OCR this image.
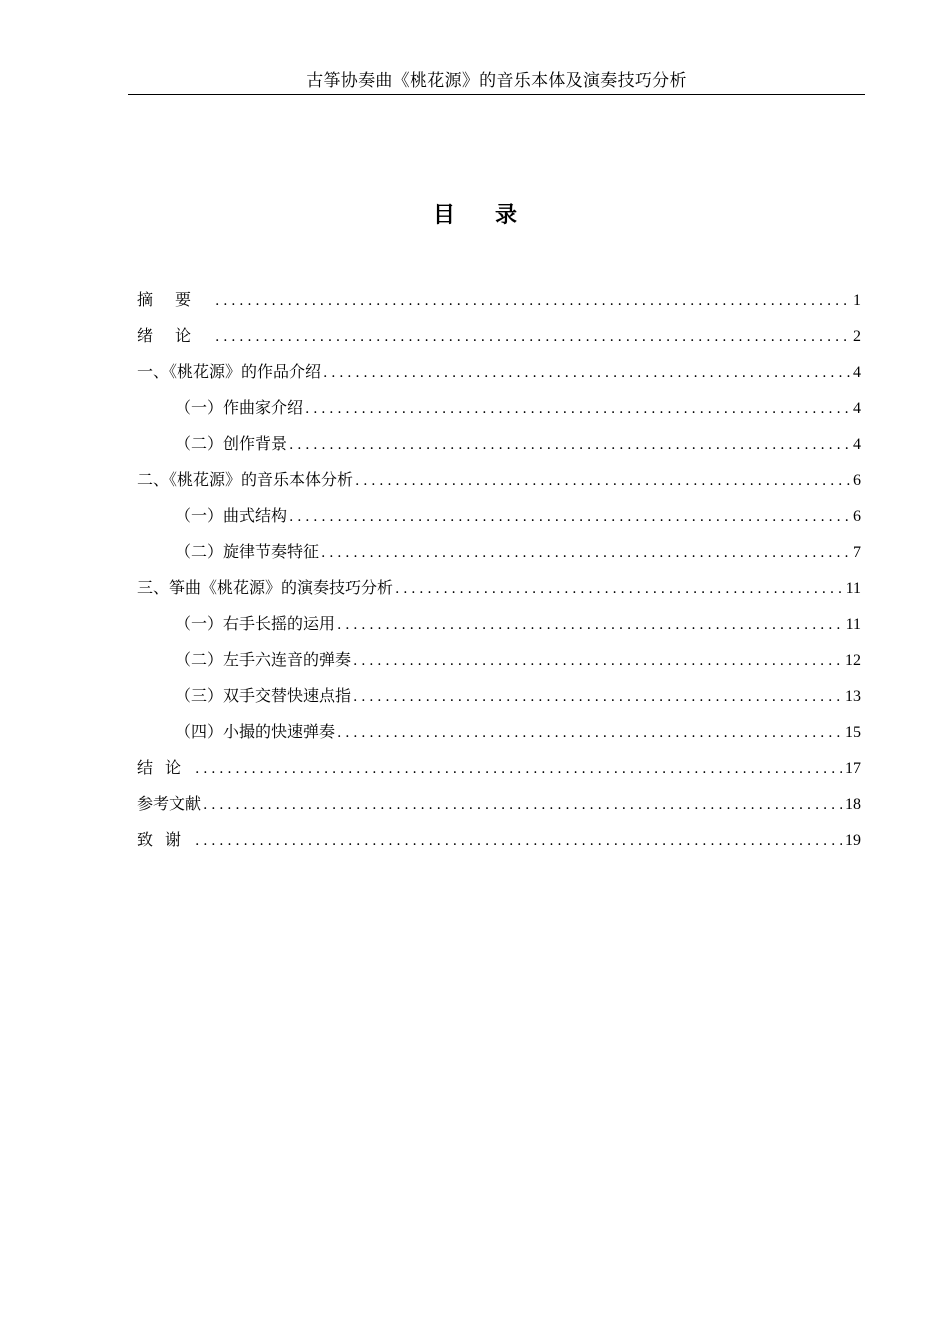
古筝协奏曲《桃花源》的音乐本体及演奏技巧分析
目 录
摘要 .....	1
绪论 .....	2
一、《桃花源》的作品介绍 .....	4
（一）作曲家介绍 .....	4
（二）创作背景 .....	4
二、《桃花源》的音乐本体分析 .....	6
（一）曲式结构 .....	6
（二）旋律节奏特征 .....	7
三、筝曲《桃花源》的演奏技巧分析 .....	11
（一）右手长摇的运用 .....	11
（二）左手六连音的弹奏 .....	12
（三）双手交替快速点指 .....	13
（四）小撮的快速弹奏 .....	15
结论 .....	17
参考文献 .....	18
致谢 .....	19
